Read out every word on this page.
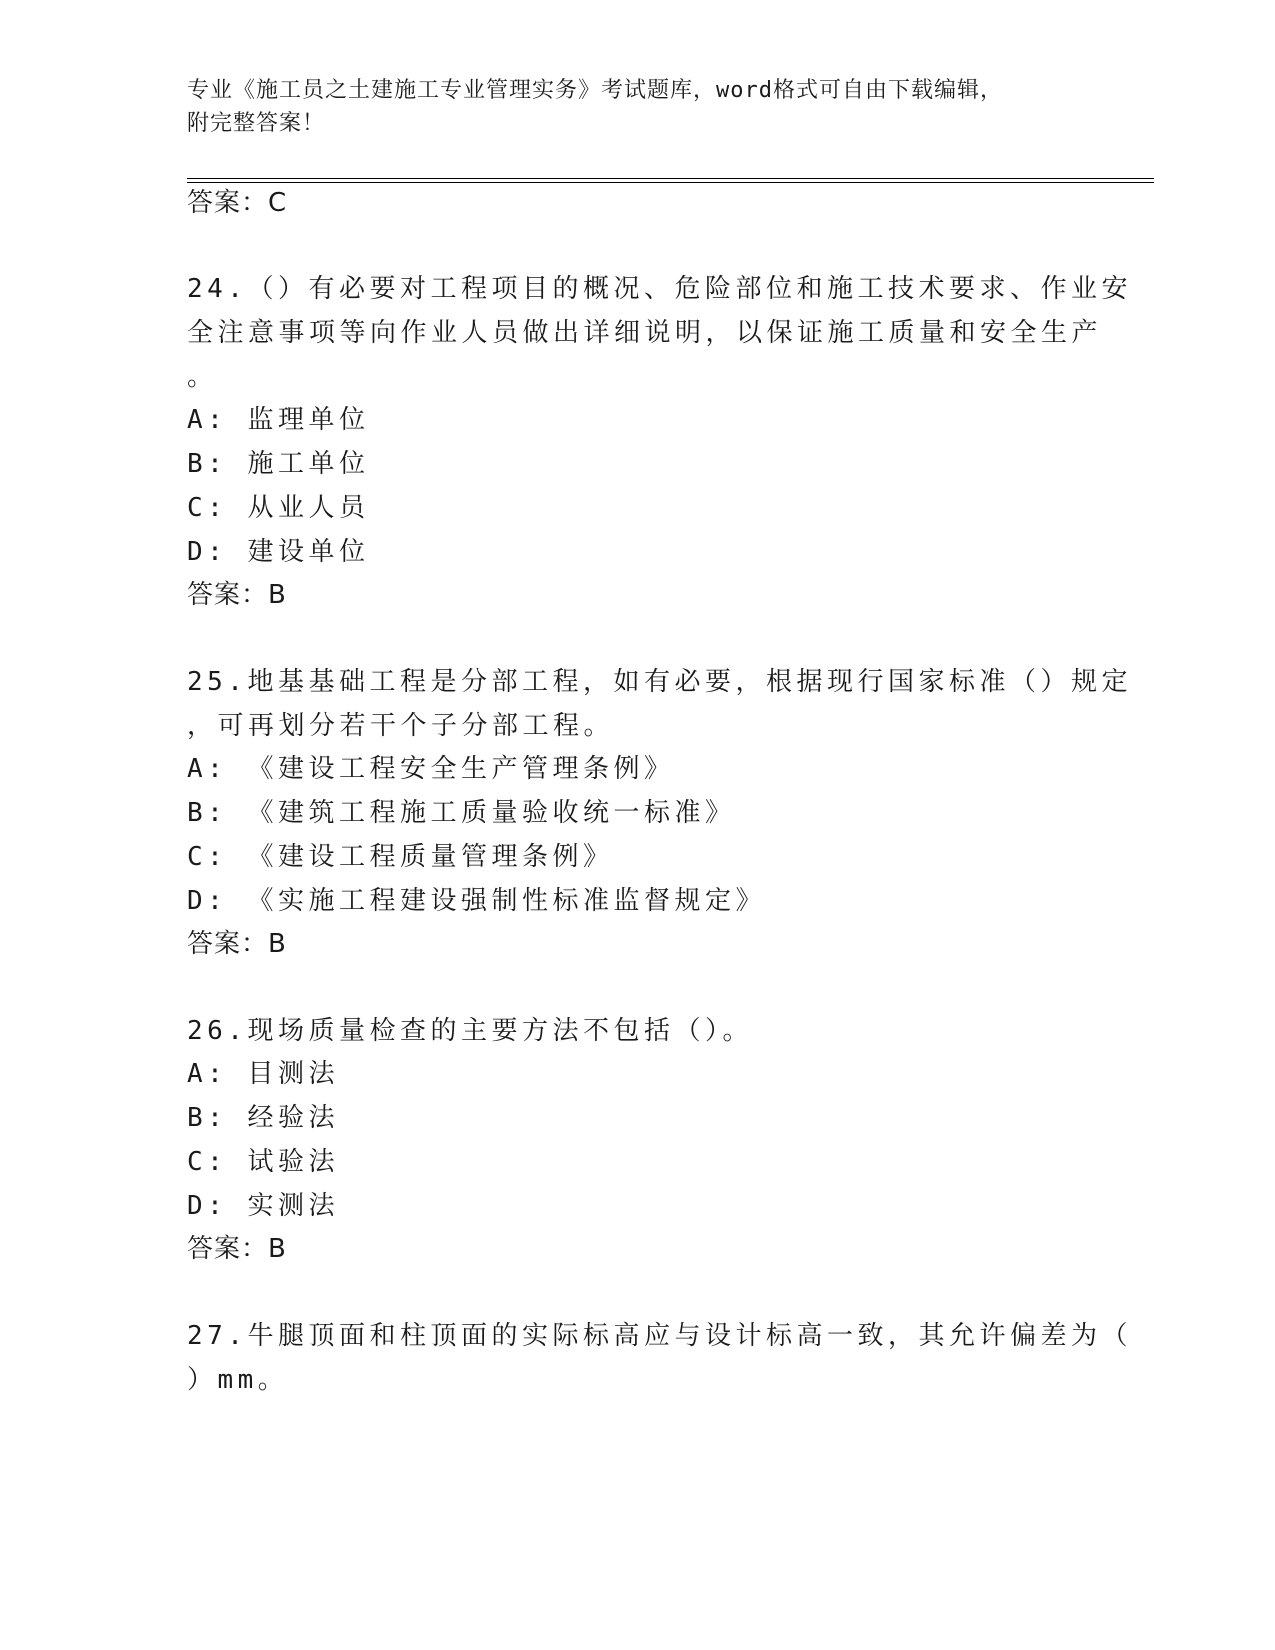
专业《施工员之土建施工专业管理实务》考试题库，word格式可自由下载编辑，
附完整答案！
答案：C
24.（）有必要对工程项目的概况、危险部位和施工技术要求、作业安
全注意事项等向作业人员做出详细说明，以保证施工质量和安全生产
。
A: 监理单位
B: 施工单位
C: 从业人员
D: 建设单位
答案：B
25.地基基础工程是分部工程，如有必要，根据现行国家标准（）规定
，可再划分若干个子分部工程。
A: 《建设工程安全生产管理条例》
B: 《建筑工程施工质量验收统一标准》
C: 《建设工程质量管理条例》
D: 《实施工程建设强制性标准监督规定》
答案：B
26.现场质量检查的主要方法不包括（）。
A: 目测法
B: 经验法
C: 试验法
D: 实测法
答案：B
27.牛腿顶面和柱顶面的实际标高应与设计标高一致，其允许偏差为（
）mm。
